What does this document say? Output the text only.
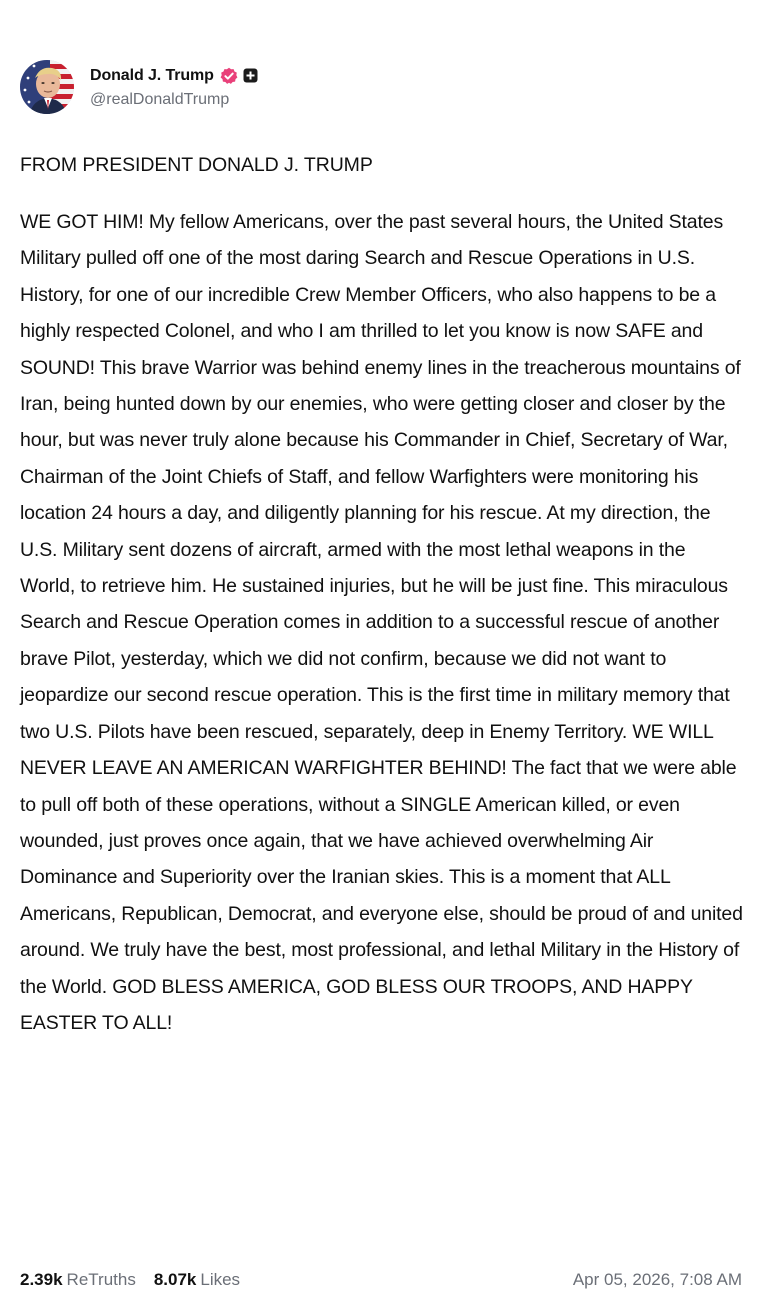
Donald J. Trump
@realDonaldTrump

FROM PRESIDENT DONALD J. TRUMP

WE GOT HIM! My fellow Americans, over the past several hours, the United States Military pulled off one of the most daring Search and Rescue Operations in U.S. History, for one of our incredible Crew Member Officers, who also happens to be a highly respected Colonel, and who I am thrilled to let you know is now SAFE and SOUND! This brave Warrior was behind enemy lines in the treacherous mountains of Iran, being hunted down by our enemies, who were getting closer and closer by the hour, but was never truly alone because his Commander in Chief, Secretary of War, Chairman of the Joint Chiefs of Staff, and fellow Warfighters were monitoring his location 24 hours a day, and diligently planning for his rescue. At my direction, the U.S. Military sent dozens of aircraft, armed with the most lethal weapons in the World, to retrieve him. He sustained injuries, but he will be just fine. This miraculous Search and Rescue Operation comes in addition to a successful rescue of another brave Pilot, yesterday, which we did not confirm, because we did not want to jeopardize our second rescue operation. This is the first time in military memory that two U.S. Pilots have been rescued, separately, deep in Enemy Territory. WE WILL NEVER LEAVE AN AMERICAN WARFIGHTER BEHIND! The fact that we were able to pull off both of these operations, without a SINGLE American killed, or even wounded, just proves once again, that we have achieved overwhelming Air Dominance and Superiority over the Iranian skies. This is a moment that ALL Americans, Republican, Democrat, and everyone else, should be proud of and united around. We truly have the best, most professional, and lethal Military in the History of the World. GOD BLESS AMERICA, GOD BLESS OUR TROOPS, AND HAPPY EASTER TO ALL!

2.39k ReTruths 8.07k Likes	Apr 05, 2026, 7:08 AM
